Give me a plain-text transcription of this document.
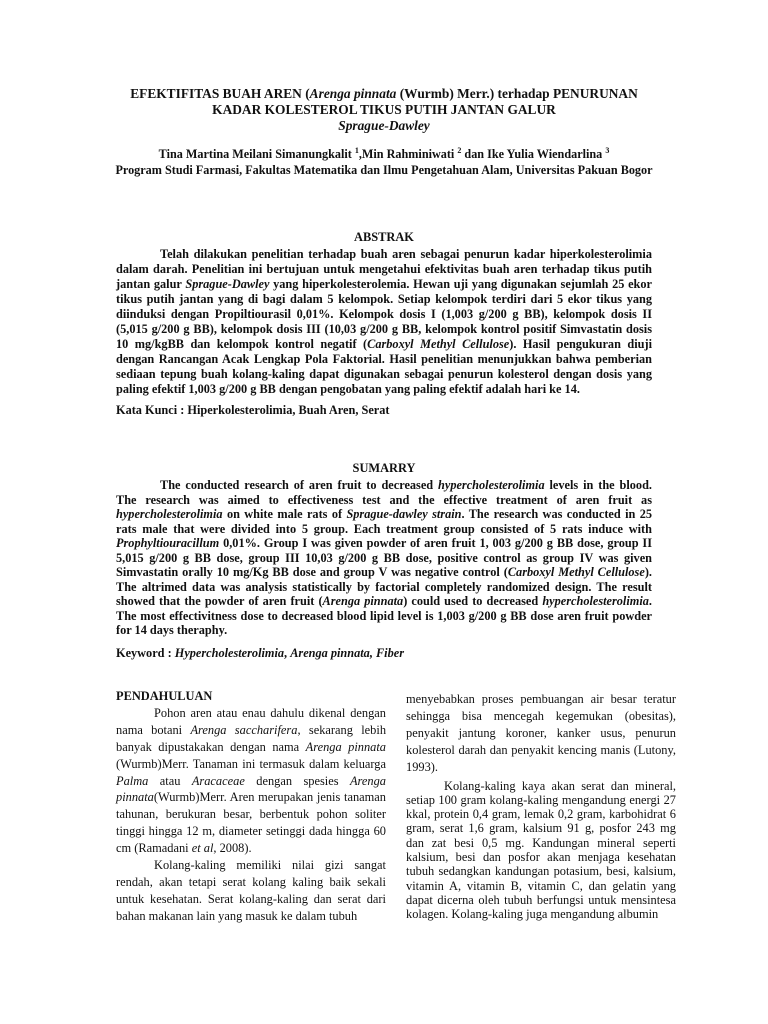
EFEKTIFITAS BUAH AREN (Arenga pinnata (Wurmb) Merr.) terhadap PENURUNAN
KADAR KOLESTEROL TIKUS PUTIH JANTAN GALUR
Sprague-Dawley
Tina Martina Meilani Simanungkalit $^1$,Min Rahminiwati $^2$ dan Ike Yulia Wiendarlina $^3$
Program Studi Farmasi, Fakultas Matematika dan Ilmu Pengetahuan Alam, Universitas Pakuan Bogor
ABSTRAK
Telah dilakukan penelitian terhadap buah aren sebagai penurun kadar hiperkolesterolimia dalam darah. Penelitian ini bertujuan untuk mengetahui efektivitas buah aren terhadap tikus putih jantan galur Sprague-Dawley yang hiperkolesterolemia. Hewan uji yang digunakan sejumlah 25 ekor tikus putih jantan yang di bagi dalam 5 kelompok. Setiap kelompok terdiri dari 5 ekor tikus yang diinduksi dengan Propiltiourasil 0,01%. Kelompok dosis I (1,003 g/200 g BB), kelompok dosis II (5,015 g/200 g BB), kelompok dosis III (10,03 g/200 g BB, kelompok kontrol positif Simvastatin dosis 10 mg/kgBB dan kelompok kontrol negatif (Carboxyl Methyl Cellulose). Hasil pengukuran diuji dengan Rancangan Acak Lengkap Pola Faktorial. Hasil penelitian menunjukkan bahwa pemberian sediaan tepung buah kolang-kaling dapat digunakan sebagai penurun kolesterol dengan dosis yang paling efektif 1,003 g/200 g BB dengan pengobatan yang paling efektif adalah hari ke 14.
Kata Kunci : Hiperkolesterolimia, Buah Aren, Serat
SUMARRY
The conducted research of aren fruit to decreased hypercholesterolimia levels in the blood. The research was aimed to effectiveness test and the effective treatment of aren fruit as hypercholesterolimia on white male rats of Sprague-dawley strain. The research was conducted in 25 rats male that were divided into 5 group. Each treatment group consisted of 5 rats induce with Prophyltiouracillum 0,01%. Group I was given powder of aren fruit 1, 003 g/200 g BB dose, group II 5,015 g/200 g BB dose, group III 10,03 g/200 g BB dose, positive control as group IV was given Simvastatin orally 10 mg/Kg BB dose and group V was negative control (Carboxyl Methyl Cellulose). The altrimed data was analysis statistically by factorial completely randomized design. The result showed that the powder of aren fruit (Arenga pinnata) could used to decreased hypercholesterolimia. The most effectivitness dose to decreased blood lipid level is 1,003 g/200 g BB dose aren fruit powder for 14 days theraphy.
Keyword : Hypercholesterolimia, Arenga pinnata, Fiber

PENDAHULUAN

Pohon aren atau enau dahulu dikenal dengan nama botani Arenga saccharifera, sekarang lebih banyak dipustakakan dengan nama Arenga pinnata (Wurmb)Merr. Tanaman ini termasuk dalam keluarga Palma atau Aracaceae dengan spesies Arenga pinnata(Wurmb)Merr. Aren merupakan jenis tanaman tahunan, berukuran besar, berbentuk pohon soliter tinggi hingga 12 m, diameter setinggi dada hingga 60 cm (Ramadani et al, 2008).

Kolang-kaling memiliki nilai gizi sangat rendah, akan tetapi serat kolang kaling baik sekali untuk kesehatan. Serat kolang-kaling dan serat dari bahan makanan lain yang masuk ke dalam tubuh

menyebabkan proses pembuangan air besar teratur sehingga bisa mencegah kegemukan (obesitas), penyakit jantung koroner, kanker usus, penurun kolesterol darah dan penyakit kencing manis (Lutony, 1993).

Kolang-kaling kaya akan serat dan mineral, setiap 100 gram kolang-kaling mengandung energi 27 kkal, protein 0,4 gram, lemak 0,2 gram, karbohidrat 6 gram, serat 1,6 gram, kalsium 91 g, posfor 243 mg dan zat besi 0,5 mg. Kandungan mineral seperti kalsium, besi dan posfor akan menjaga kesehatan tubuh sedangkan kandungan potasium, besi, kalsium, vitamin A, vitamin B, vitamin C, dan gelatin yang dapat dicerna oleh tubuh berfungsi untuk mensintesa kolagen. Kolang-kaling juga mengandung albumin
